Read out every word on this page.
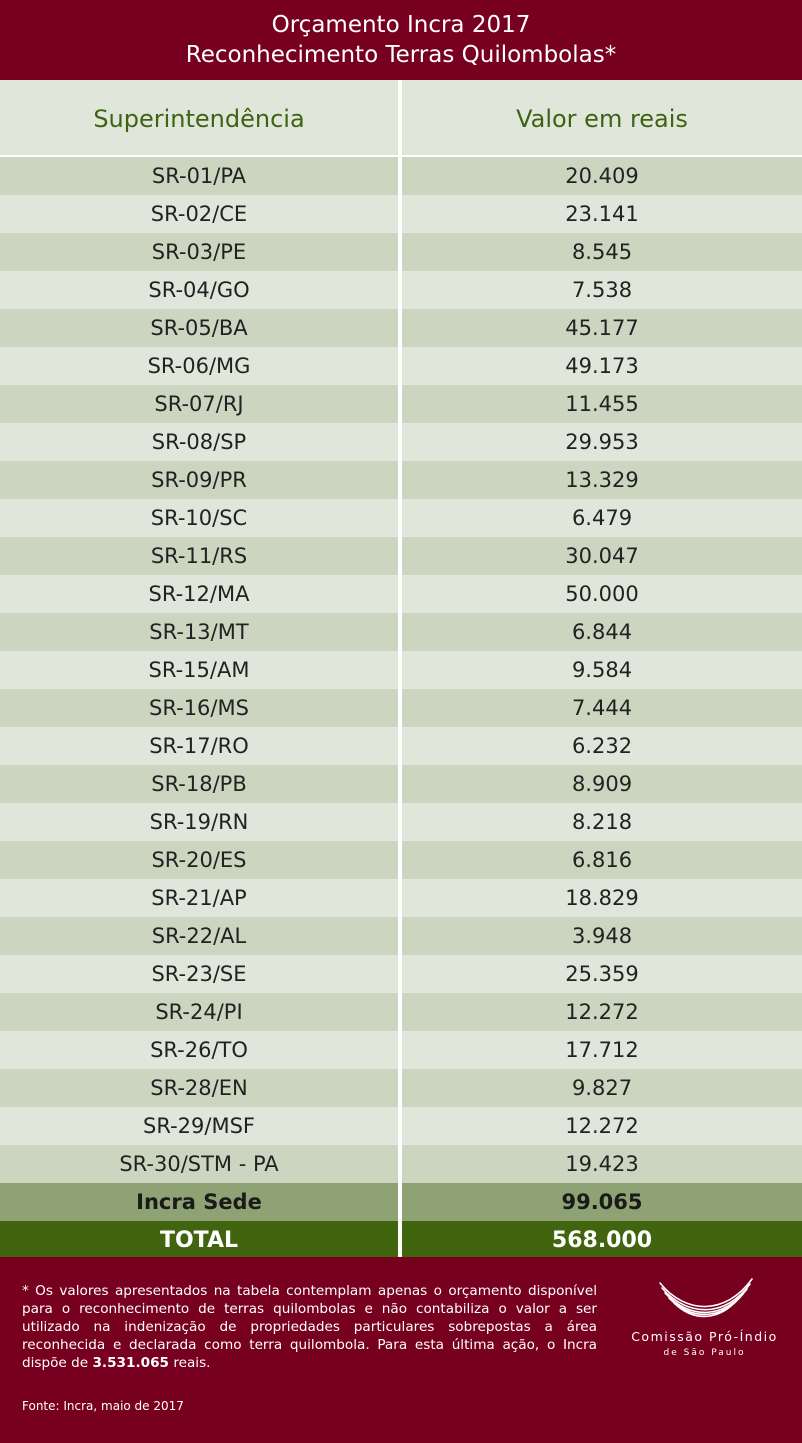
Orçamento Incra 2017
Reconhecimento Terras Quilombolas*
Superintendência	Valor em reais
SR-01/PA	20.409
SR-02/CE	23.141
SR-03/PE	8.545
SR-04/GO	7.538
SR-05/BA	45.177
SR-06/MG	49.173
SR-07/RJ	11.455
SR-08/SP	29.953
SR-09/PR	13.329
SR-10/SC	6.479
SR-11/RS	30.047
SR-12/MA	50.000
SR-13/MT	6.844
SR-15/AM	9.584
SR-16/MS	7.444
SR-17/RO	6.232
SR-18/PB	8.909
SR-19/RN	8.218
SR-20/ES	6.816
SR-21/AP	18.829
SR-22/AL	3.948
SR-23/SE	25.359
SR-24/PI	12.272
SR-26/TO	17.712
SR-28/EN	9.827
SR-29/MSF	12.272
SR-30/STM - PA	19.423
Incra Sede	99.065
TOTAL	568.000
* Os valores apresentados na tabela contemplam apenas o orçamento disponível para o reconhecimento de terras quilombolas e não contabiliza o valor a ser utilizado na indenização de propriedades particulares sobrepostas a área reconhecida e declarada como terra quilombola. Para esta última ação, o Incra dispõe de 3.531.065 reais.
Fonte: Incra, maio de 2017
Comissão Pró-Índio
de São Paulo
